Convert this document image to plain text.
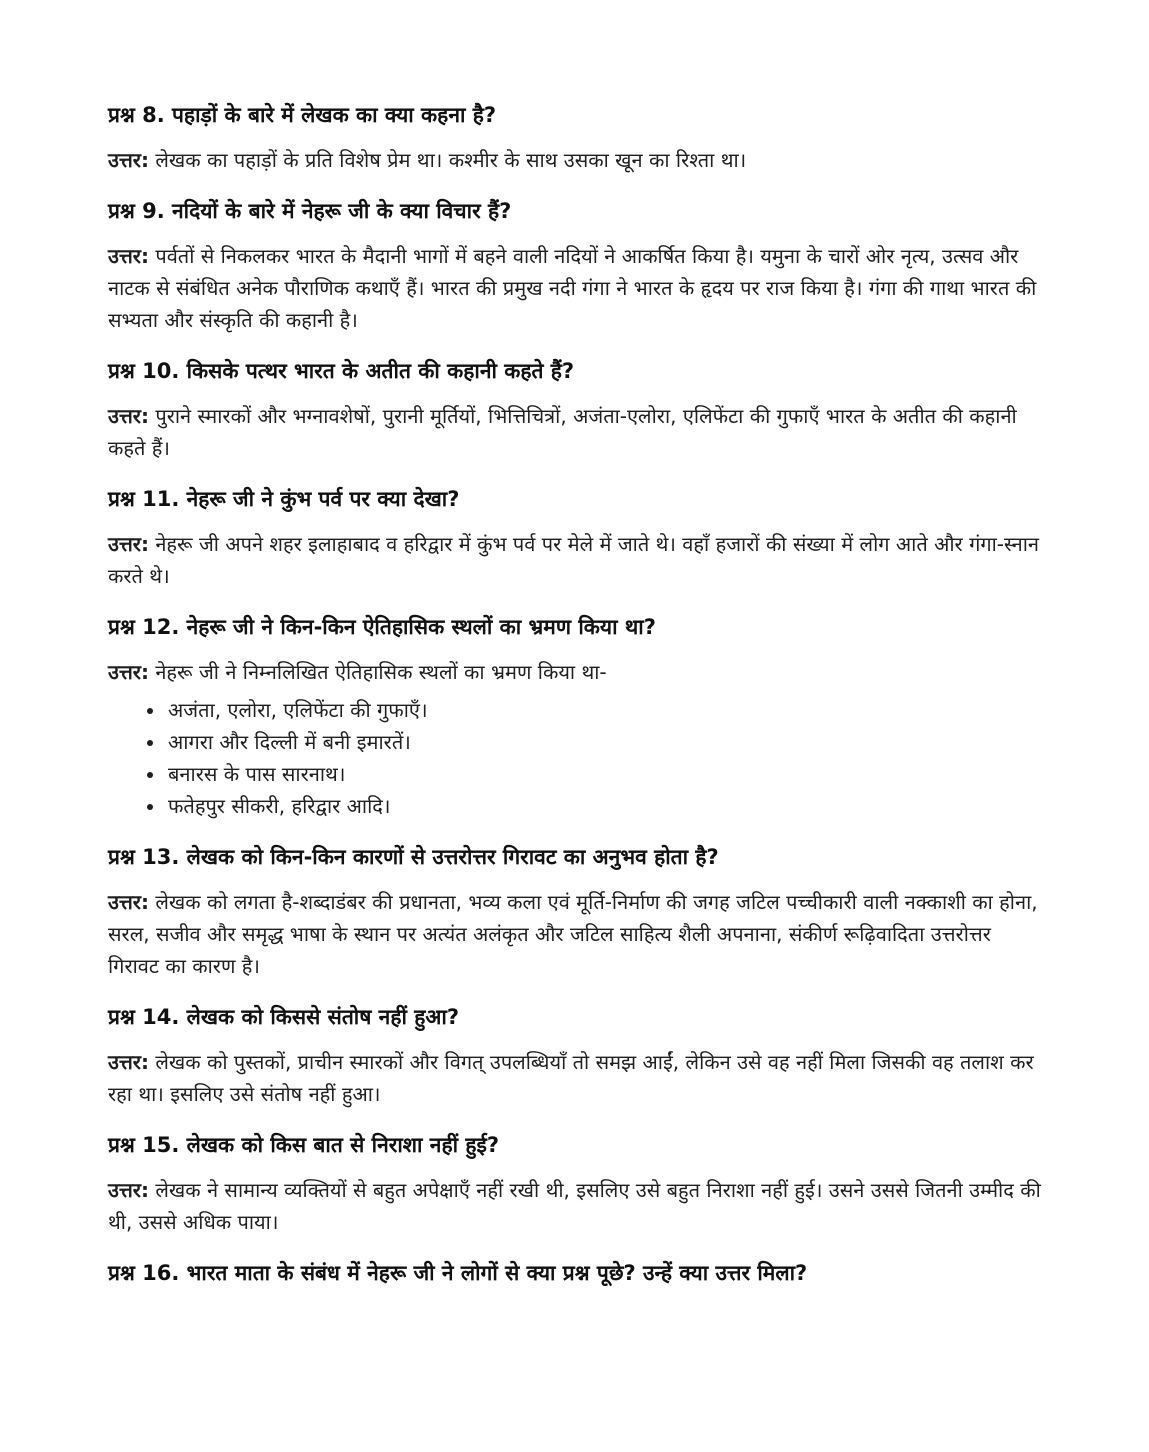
प्रश्न 8. पहाड़ों के बारे में लेखक का क्या कहना है?
उत्तर: लेखक का पहाड़ों के प्रति विशेष प्रेम था। कश्मीर के साथ उसका खून का रिश्ता था।
प्रश्न 9. नदियों के बारे में नेहरू जी के क्या विचार हैं?
उत्तर: पर्वतों से निकलकर भारत के मैदानी भागों में बहने वाली नदियों ने आकर्षित किया है। यमुना के चारों ओर नृत्य, उत्सव और नाटक से संबंधित अनेक पौराणिक कथाएँ हैं। भारत की प्रमुख नदी गंगा ने भारत के हृदय पर राज किया है। गंगा की गाथा भारत की सभ्यता और संस्कृति की कहानी है।
प्रश्न 10. किसके पत्थर भारत के अतीत की कहानी कहते हैं?
उत्तर: पुराने स्मारकों और भग्नावशेषों, पुरानी मूर्तियों, भित्तिचित्रों, अजंता-एलोरा, एलिफेंटा की गुफाएँ भारत के अतीत की कहानी कहते हैं।
प्रश्न 11. नेहरू जी ने कुंभ पर्व पर क्या देखा?
उत्तर: नेहरू जी अपने शहर इलाहाबाद व हरिद्वार में कुंभ पर्व पर मेले में जाते थे। वहाँ हजारों की संख्या में लोग आते और गंगा-स्नान करते थे।
प्रश्न 12. नेहरू जी ने किन-किन ऐतिहासिक स्थलों का भ्रमण किया था?
उत्तर: नेहरू जी ने निम्नलिखित ऐतिहासिक स्थलों का भ्रमण किया था-
• अजंता, एलोरा, एलिफेंटा की गुफाएँ।
• आगरा और दिल्ली में बनी इमारतें।
• बनारस के पास सारनाथ।
• फतेहपुर सीकरी, हरिद्वार आदि।
प्रश्न 13. लेखक को किन-किन कारणों से उत्तरोत्तर गिरावट का अनुभव होता है?
उत्तर: लेखक को लगता है-शब्दाडंबर की प्रधानता, भव्य कला एवं मूर्ति-निर्माण की जगह जटिल पच्चीकारी वाली नक्काशी का होना, सरल, सजीव और समृद्ध भाषा के स्थान पर अत्यंत अलंकृत और जटिल साहित्य शैली अपनाना, संकीर्ण रूढ़िवादिता उत्तरोत्तर गिरावट का कारण है।
प्रश्न 14. लेखक को किससे संतोष नहीं हुआ?
उत्तर: लेखक को पुस्तकों, प्राचीन स्मारकों और विगत् उपलब्धियाँ तो समझ आईं, लेकिन उसे वह नहीं मिला जिसकी वह तलाश कर रहा था। इसलिए उसे संतोष नहीं हुआ।
प्रश्न 15. लेखक को किस बात से निराशा नहीं हुई?
उत्तर: लेखक ने सामान्य व्यक्तियों से बहुत अपेक्षाएँ नहीं रखी थी, इसलिए उसे बहुत निराशा नहीं हुई। उसने उससे जितनी उम्मीद की थी, उससे अधिक पाया।
प्रश्न 16. भारत माता के संबंध में नेहरू जी ने लोगों से क्या प्रश्न पूछे? उन्हें क्या उत्तर मिला?
